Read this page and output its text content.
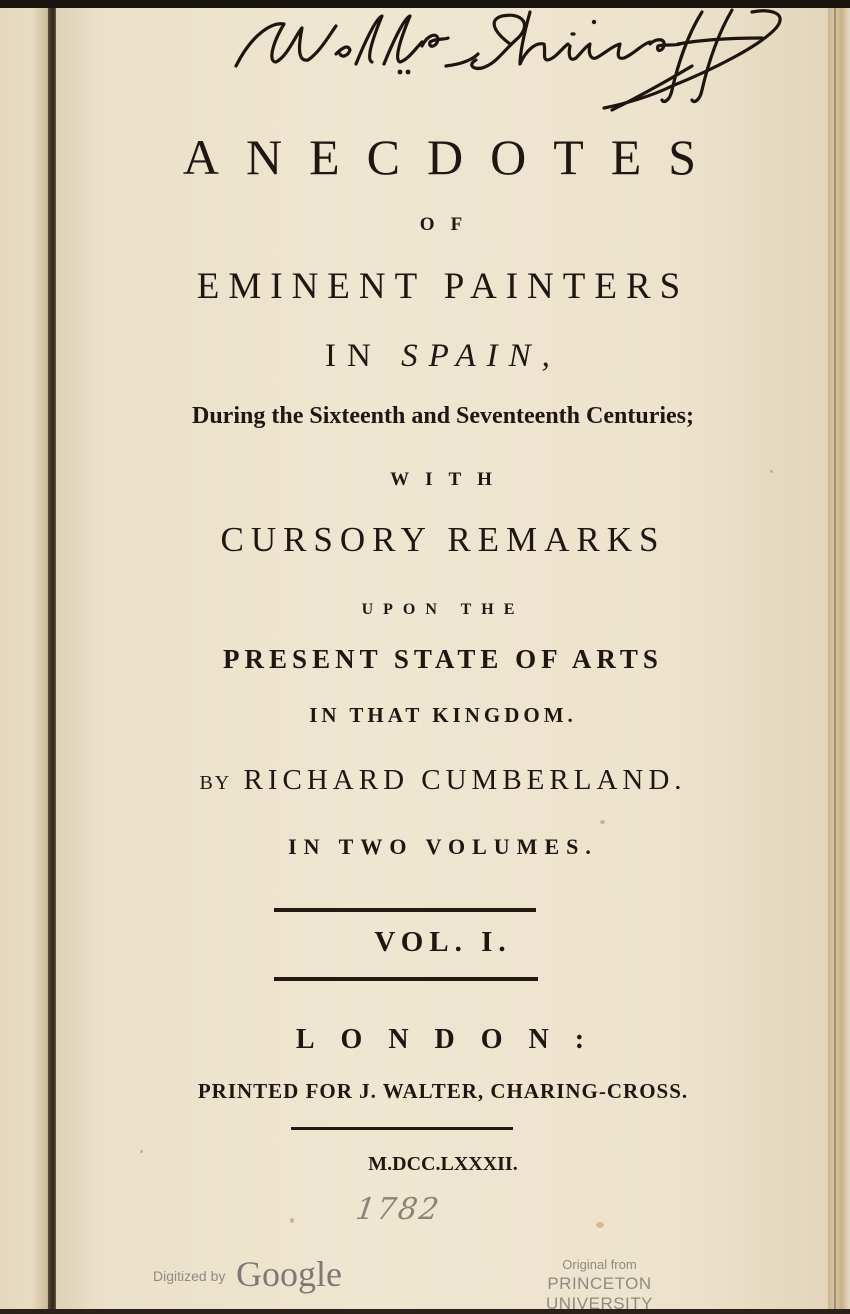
ANECDOTES
OF
EMINENT PAINTERS
IN SPAIN,
During the Sixteenth and Seventeenth Centuries;
WITH
CURSORY REMARKS
UPON THE
PRESENT STATE OF ARTS
IN THAT KINGDOM.
BY RICHARD CUMBERLAND.
IN TWO VOLUMES.
VOL. I.
LONDON:
PRINTED FOR J. WALTER, CHARING-CROSS.
M.DCC.LXXXII.
1782
Digitized by Google	Original from
PRINCETON UNIVERSITY
